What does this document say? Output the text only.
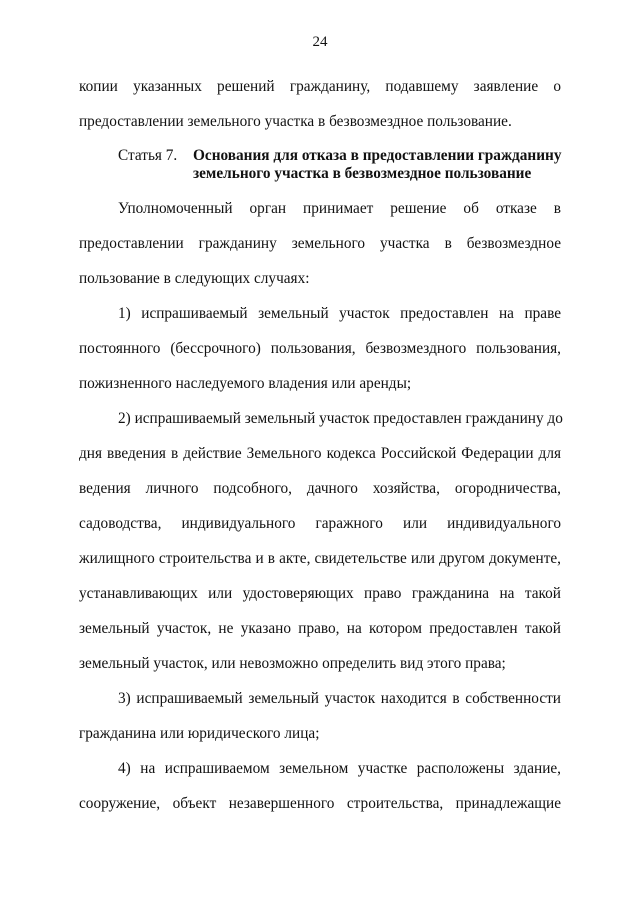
24
копии указанных решений гражданину, подавшему заявление о
предоставлении земельного участка в безвозмездное пользование.
Статья 7.	Основания для отказа в предоставлении гражданину
земельного участка в безвозмездное пользование
Уполномоченный орган принимает решение об отказе в
предоставлении гражданину земельного участка в безвозмездное
пользование в следующих случаях:
1) испрашиваемый земельный участок предоставлен на праве
постоянного (бессрочного) пользования, безвозмездного пользования,
пожизненного наследуемого владения или аренды;
2) испрашиваемый земельный участок предоставлен гражданину до
дня введения в действие Земельного кодекса Российской Федерации для
ведения личного подсобного, дачного хозяйства, огородничества,
садоводства, индивидуального гаражного или индивидуального
жилищного строительства и в акте, свидетельстве или другом документе,
устанавливающих или удостоверяющих право гражданина на такой
земельный участок, не указано право, на котором предоставлен такой
земельный участок, или невозможно определить вид этого права;
3) испрашиваемый земельный участок находится в собственности
гражданина или юридического лица;
4) на испрашиваемом земельном участке расположены здание,
сооружение, объект незавершенного строительства, принадлежащие
